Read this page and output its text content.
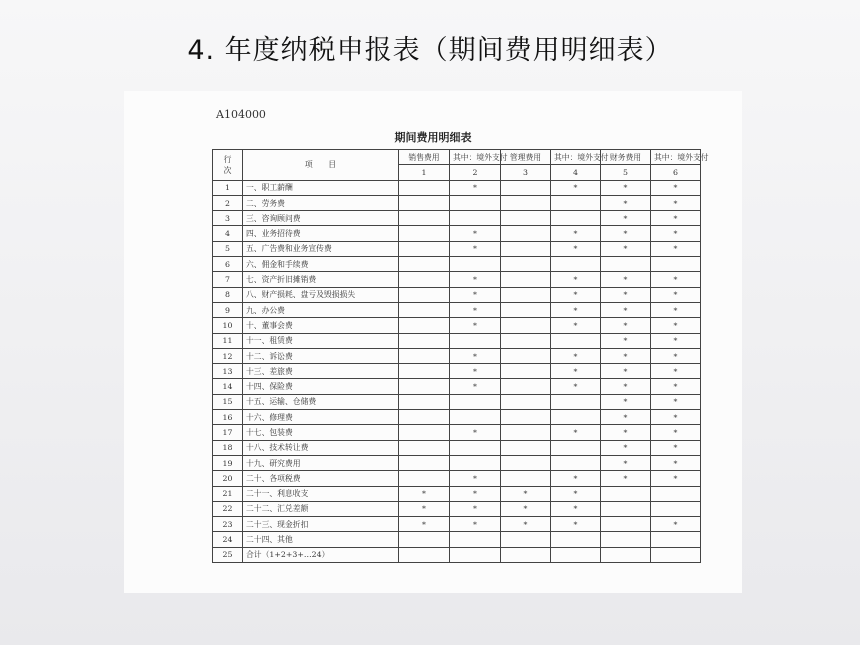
4. 年度纳税申报表（期间费用明细表）
A104000
期间费用明细表
行次	项　　目	销售费用	其中：境外支付	管理费用	其中：境外支付	财务费用	其中：境外支付
		1	2	3	4	5	6
1	一、职工薪酬		*		*	*	*
2	二、劳务费					*	*
3	三、咨询顾问费					*	*
4	四、业务招待费		*		*	*	*
5	五、广告费和业务宣传费		*		*	*	*
6	六、佣金和手续费						
7	七、资产折旧摊销费		*		*	*	*
8	八、财产损耗、盘亏及毁损损失		*		*	*	*
9	九、办公费		*		*	*	*
10	十、董事会费		*		*	*	*
11	十一、租赁费					*	*
12	十二、诉讼费		*		*	*	*
13	十三、差旅费		*		*	*	*
14	十四、保险费		*		*	*	*
15	十五、运输、仓储费					*	*
16	十六、修理费					*	*
17	十七、包装费		*		*	*	*
18	十八、技术转让费					*	*
19	十九、研究费用					*	*
20	二十、各项税费		*		*	*	*
21	二十一、利息收支	*	*	*	*		
22	二十二、汇兑差额	*	*	*	*		
23	二十三、现金折扣	*	*	*	*		*
24	二十四、其他						
25	合计（1+2+3+…24）						
